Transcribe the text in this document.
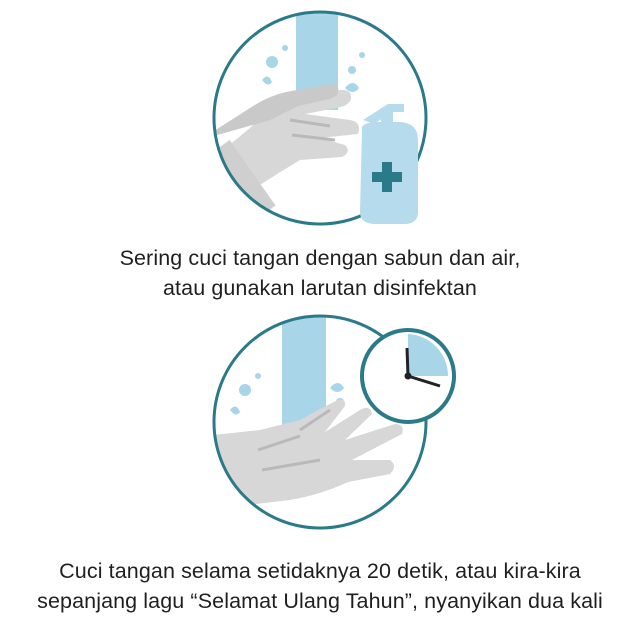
Sering cuci tangan dengan sabun dan air,
atau gunakan larutan disinfektan
Cuci tangan selama setidaknya 20 detik, atau kira-kira
sepanjang lagu “Selamat Ulang Tahun”, nyanyikan dua kali
